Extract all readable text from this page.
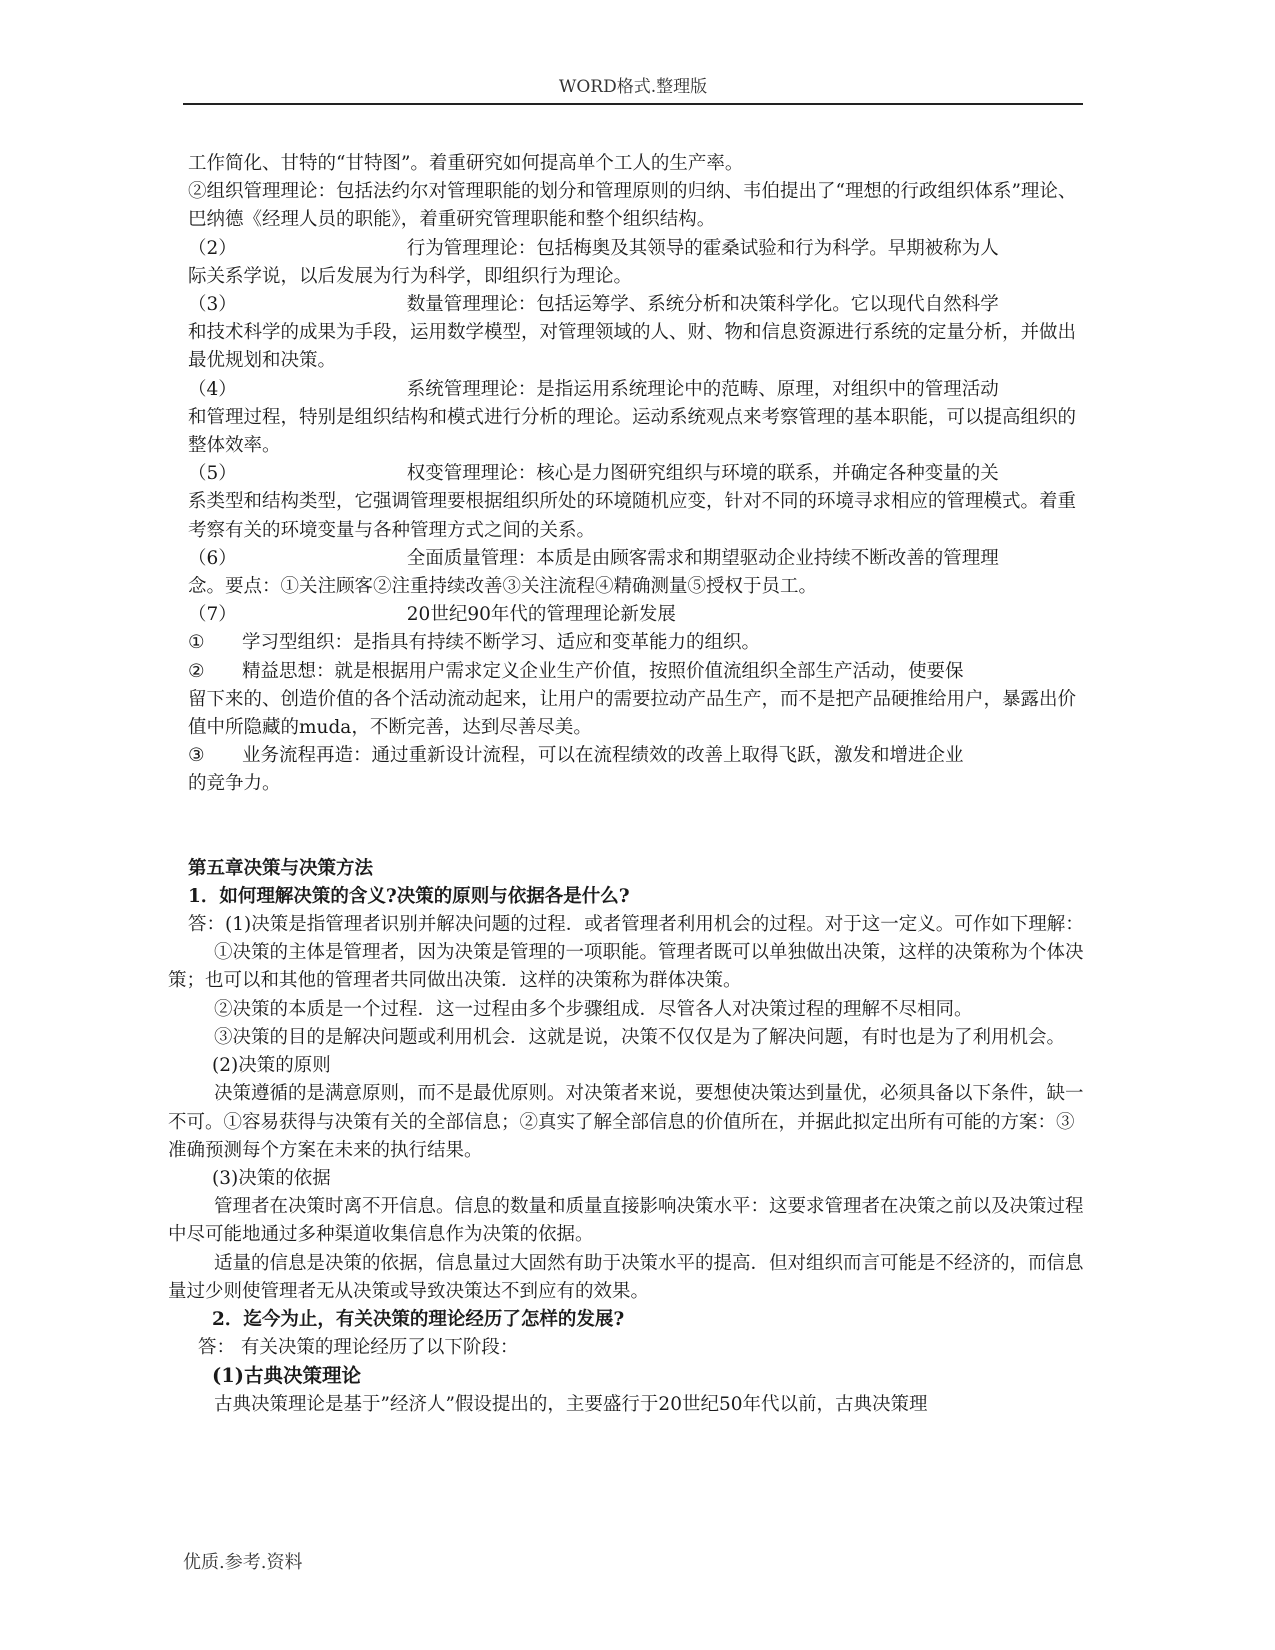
WORD格式.整理版

工作简化、甘特的“甘特图”。着重研究如何提高单个工人的生产率。

②组织管理理论：包括法约尔对管理职能的划分和管理原则的归纳、韦伯提出了“理想的行政组织体系”理论、巴纳德《经理人员的职能》，着重研究管理职能和整个组织结构。

（2）	行为管理理论：包括梅奥及其领导的霍桑试验和行为科学。早期被称为人

际关系学说，以后发展为行为科学，即组织行为理论。

（3）	数量管理理论：包括运筹学、系统分析和决策科学化。它以现代自然科学

和技术科学的成果为手段，运用数学模型，对管理领域的人、财、物和信息资源进行系统的定量分析，并做出最优规划和决策。

（4）	系统管理理论：是指运用系统理论中的范畴、原理，对组织中的管理活动

和管理过程，特别是组织结构和模式进行分析的理论。运动系统观点来考察管理的基本职能，可以提高组织的整体效率。

（5）	权变管理理论：核心是力图研究组织与环境的联系，并确定各种变量的关

系类型和结构类型，它强调管理要根据组织所处的环境随机应变，针对不同的环境寻求相应的管理模式。着重考察有关的环境变量与各种管理方式之间的关系。

（6）	全面质量管理：本质是由顾客需求和期望驱动企业持续不断改善的管理理

念。要点：①关注顾客②注重持续改善③关注流程④精确测量⑤授权于员工。

（7）	20世纪90年代的管理理论新发展
①	学习型组织：是指具有持续不断学习、适应和变革能力的组织。
②	精益思想：就是根据用户需求定义企业生产价值，按照价值流组织全部生产活动，使要保

留下来的、创造价值的各个活动流动起来，让用户的需要拉动产品生产，而不是把产品硬推给用户，暴露出价值中所隐藏的muda，不断完善，达到尽善尽美。

③	业务流程再造：通过重新设计流程，可以在流程绩效的改善上取得飞跃，激发和增进企业

的竞争力。

第五章决策与决策方法

1．如何理解决策的含义?决策的原则与依据各是什么?

答：(1)决策是指管理者识别并解决问题的过程．或者管理者利用机会的过程。对于这一定义。可作如下理解：

①决策的主体是管理者，因为决策是管理的一项职能。管理者既可以单独做出决策，这样的决策称为个体决策；也可以和其他的管理者共同做出决策．这样的决策称为群体决策。

②决策的本质是一个过程．这一过程由多个步骤组成．尽管各人对决策过程的理解不尽相同。

③决策的目的是解决问题或利用机会．这就是说，决策不仅仅是为了解决问题，有时也是为了利用机会。

(2)决策的原则

决策遵循的是满意原则，而不是最优原则。对决策者来说，要想使决策达到量优，必须具备以下条件，缺一不可。①容易获得与决策有关的全部信息；②真实了解全部信息的价值所在，并据此拟定出所有可能的方案：③准确预测每个方案在未来的执行结果。

(3)决策的依据

管理者在决策时离不开信息。信息的数量和质量直接影响决策水平：这要求管理者在决策之前以及决策过程中尽可能地通过多种渠道收集信息作为决策的依据。

适量的信息是决策的依据，信息量过大固然有助于决策水平的提高．但对组织而言可能是不经济的，而信息量过少则使管理者无从决策或导致决策达不到应有的效果。

2．迄今为止，有关决策的理论经历了怎样的发展?

答： 有关决策的理论经历了以下阶段：

(1)古典决策理论

古典决策理论是基于”经济人”假设提出的，主要盛行于20世纪50年代以前，古典决策理

优质.参考.资料
